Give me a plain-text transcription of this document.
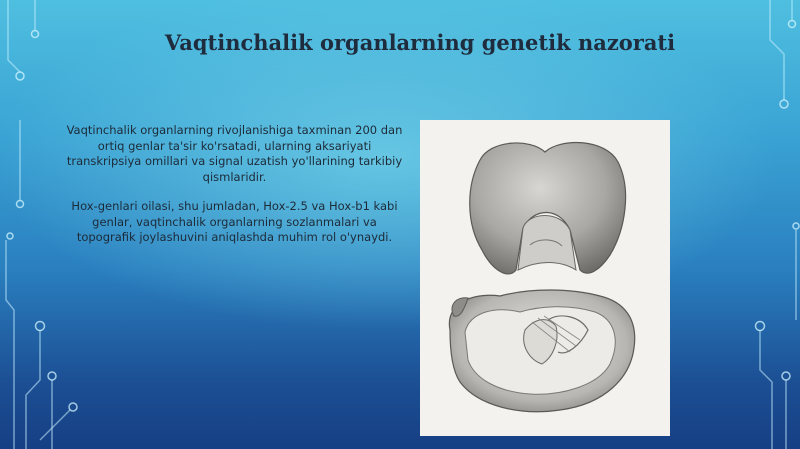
Vaqtinchalik organlarning genetik nazorati

Vaqtinchalik organlarning rivojlanishiga taxminan 200 dan ortiq genlar ta'sir ko'rsatadi, ularning aksariyati transkripsiya omillari va signal uzatish yo'llarining tarkibiy qismlaridir.

Hox-genlari oilasi, shu jumladan, Hox-2.5 va Hox-b1 kabi genlar, vaqtinchalik organlarning sozlanmalari va topografik joylashuvini aniqlashda muhim rol o'ynaydi.
